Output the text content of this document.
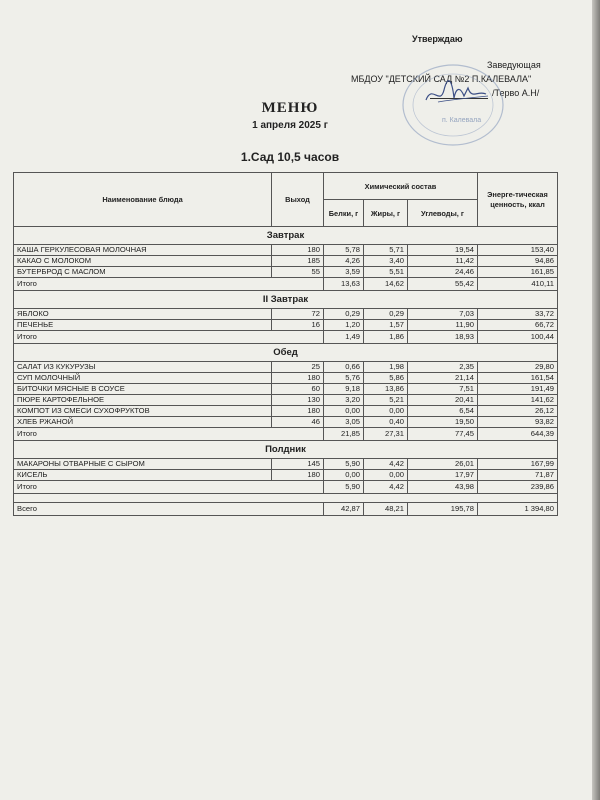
Утверждаю
Заведующая
МБДОУ "ДЕТСКИЙ САД №2 П.КАЛЕВАЛА"
/Тервo А.Н/
п. Калевала
МЕНЮ
1 апреля 2025 г
1.Сад 10,5 часов
Наименование блюда	Выход	Химический состав			Энерге-тическая ценность, ккал
		Белки, г	Жиры, г	Углеводы, г	
Завтрак					
КАША ГЕРКУЛЕСОВАЯ МОЛОЧНАЯ	180	5,78	5,71	19,54	153,40
КАКАО С МОЛОКОМ	185	4,26	3,40	11,42	94,86
БУТЕРБРОД С МАСЛОМ	55	3,59	5,51	24,46	161,85
Итого		13,63	14,62	55,42	410,11
II Завтрак					
ЯБЛОКО	72	0,29	0,29	7,03	33,72
ПЕЧЕНЬЕ	16	1,20	1,57	11,90	66,72
Итого		1,49	1,86	18,93	100,44
Обед					
САЛАТ ИЗ КУКУРУЗЫ	25	0,66	1,98	2,35	29,80
СУП МОЛОЧНЫЙ	180	5,76	5,86	21,14	161,54
БИТОЧКИ МЯСНЫЕ В СОУСЕ	60	9,18	13,86	7,51	191,49
ПЮРЕ КАРТОФЕЛЬНОЕ	130	3,20	5,21	20,41	141,62
КОМПОТ ИЗ СМЕСИ СУХОФРУКТОВ	180	0,00	0,00	6,54	26,12
ХЛЕБ РЖАНОЙ	46	3,05	0,40	19,50	93,82
Итого		21,85	27,31	77,45	644,39
Полдник					
МАКАРОНЫ ОТВАРНЫЕ С СЫРОМ	145	5,90	4,42	26,01	167,99
КИСЕЛЬ	180	0,00	0,00	17,97	71,87
Итого		5,90	4,42	43,98	239,86

Всего		42,87	48,21	195,78	1 394,80
